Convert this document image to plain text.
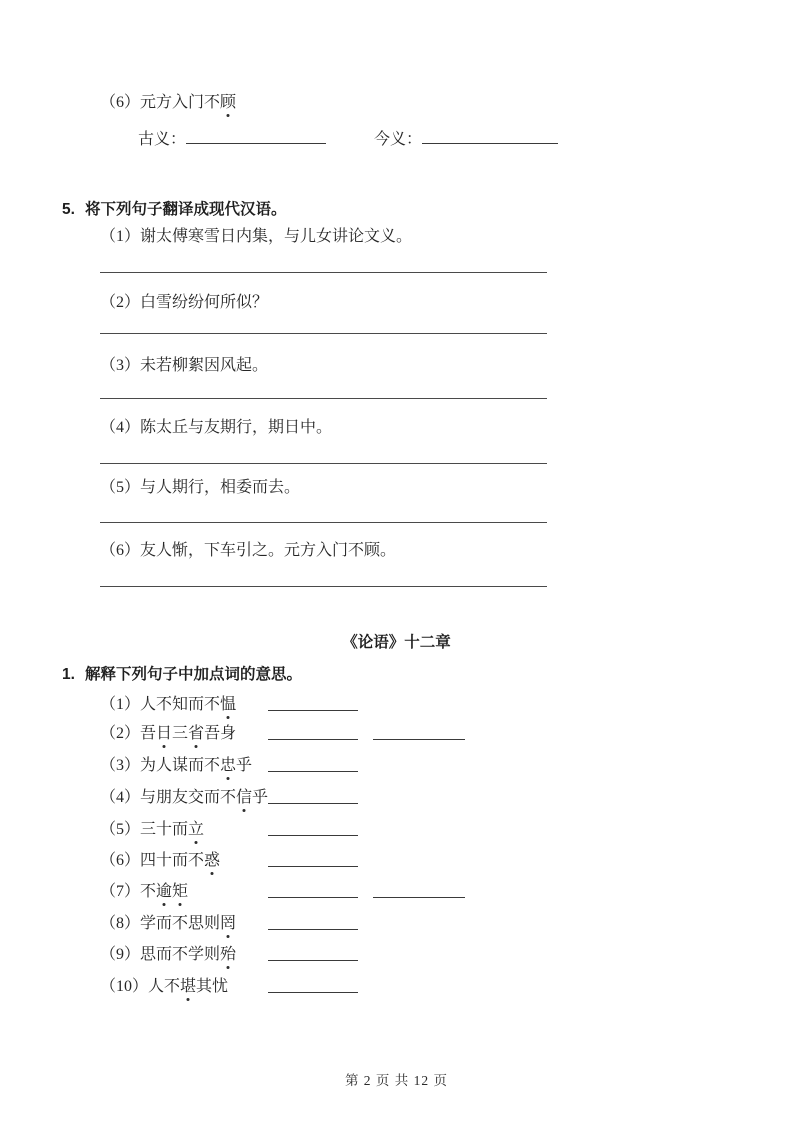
（6）元方入门不顾
古义：	今义：
5. 将下列句子翻译成现代汉语。
（1）谢太傅寒雪日内集，与儿女讲论文义。
（2）白雪纷纷何所似？
（3）未若柳絮因风起。
（4）陈太丘与友期行，期日中。
（5）与人期行，相委而去。
（6）友人惭，下车引之。元方入门不顾。
《论语》十二章
1. 解释下列句子中加点词的意思。
（1）人不知而不愠
（2）吾日三省吾身
（3）为人谋而不忠乎
（4）与朋友交而不信乎
（5）三十而立
（6）四十而不惑
（7）不逾矩
（8）学而不思则罔
（9）思而不学则殆
（10）人不堪其忧
第 2 页 共 12 页
